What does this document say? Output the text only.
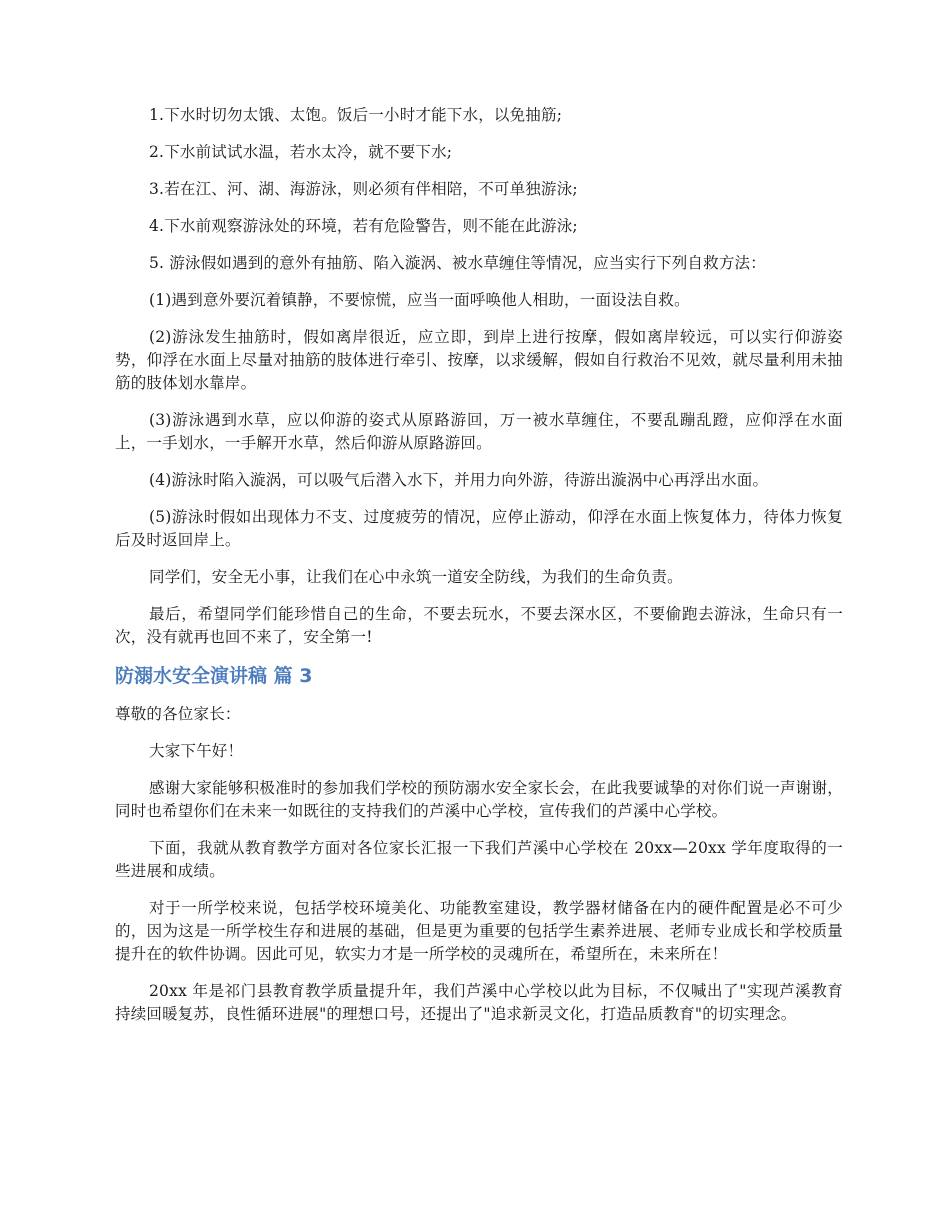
1.下水时切勿太饿、太饱。饭后一小时才能下水，以免抽筋;

2.下水前试试水温，若水太冷，就不要下水;

3.若在江、河、湖、海游泳，则必须有伴相陪，不可单独游泳;

4.下水前观察游泳处的环境，若有危险警告，则不能在此游泳;

5. 游泳假如遇到的意外有抽筋、陷入漩涡、被水草缠住等情况，应当实行下列自救方法：

(1)遇到意外要沉着镇静，不要惊慌，应当一面呼唤他人相助，一面设法自救。

(2)游泳发生抽筋时，假如离岸很近，应立即，到岸上进行按摩，假如离岸较远，可以实行仰游姿势，仰浮在水面上尽量对抽筋的肢体进行牵引、按摩，以求缓解，假如自行救治不见效，就尽量利用未抽筋的肢体划水靠岸。

(3)游泳遇到水草，应以仰游的姿式从原路游回，万一被水草缠住，不要乱蹦乱蹬，应仰浮在水面上，一手划水，一手解开水草，然后仰游从原路游回。

(4)游泳时陷入漩涡，可以吸气后潜入水下，并用力向外游，待游出漩涡中心再浮出水面。

(5)游泳时假如出现体力不支、过度疲劳的情况，应停止游动，仰浮在水面上恢复体力，待体力恢复后及时返回岸上。

同学们，安全无小事，让我们在心中永筑一道安全防线，为我们的生命负责。

最后，希望同学们能珍惜自己的生命，不要去玩水，不要去深水区，不要偷跑去游泳，生命只有一次，没有就再也回不来了，安全第一!

防溺水安全演讲稿 篇 3

尊敬的各位家长：

大家下午好！

感谢大家能够积极准时的参加我们学校的预防溺水安全家长会，在此我要诚挚的对你们说一声谢谢，同时也希望你们在未来一如既往的支持我们的芦溪中心学校，宣传我们的芦溪中心学校。

下面，我就从教育教学方面对各位家长汇报一下我们芦溪中心学校在 20xx—20xx 学年度取得的一些进展和成绩。

对于一所学校来说，包括学校环境美化、功能教室建设，教学器材储备在内的硬件配置是必不可少的，因为这是一所学校生存和进展的基础，但是更为重要的包括学生素养进展、老师专业成长和学校质量提升在的软件协调。因此可见，软实力才是一所学校的灵魂所在，希望所在，未来所在！

20xx 年是祁门县教育教学质量提升年，我们芦溪中心学校以此为目标，不仅喊出了"实现芦溪教育持续回暖复苏，良性循环进展"的理想口号，还提出了"追求新灵文化，打造品质教育"的切实理念。
